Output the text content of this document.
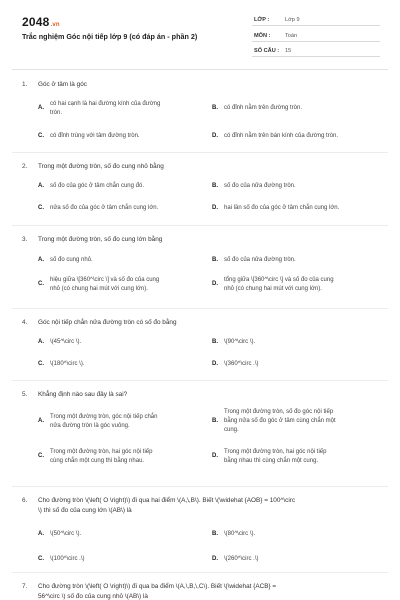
2048.vn
Trắc nghiệm Góc nội tiếp lớp 9 (có đáp án - phần 2)
LỚP :	Lớp 9
MÔN :	Toán
SỐ CÂU : 15
1. Góc ở tâm là góc
A.
có hai cạnh là hai đường kính của đường
tròn.
B. có đỉnh nằm trên đường tròn.
C. có đỉnh trùng với tâm đường tròn.	D. có đỉnh nằm trên bán kính của đường tròn.
2. Trong một đường tròn, số đo cung nhỏ bằng
A. số đo của góc ở tâm chắn cung đó.	B. số đo của nửa đường tròn.
C. nửa số đo của góc ở tâm chắn cung lớn.	D. hai lần số đo của góc ở tâm chắn cung lớn.
3. Trong một đường tròn, số đo cung lớn bằng
A. số đo cung nhỏ.	B. số đo của nửa đường tròn.
C.
hiệu giữa \[360^\circ \] và số đo của cung
nhỏ (có chung hai mút với cung lớn).
D.
tổng giữa \[360^\circ \] và số đo của cung
nhỏ (có chung hai mút với cung lớn).
4. Góc nội tiếp chắn nửa đường tròn có số đo bằng
A. \(45^\circ \).	B. \(90^\circ \).
C. \(180^\circ \).	D. \(360^\circ .\)
5. Khẳng định nào sau đây là sai?
A.
Trong một đường tròn, góc nội tiếp chắn
nửa đường tròn là góc vuông.
B.
Trong một đường tròn, số đo góc nội tiếp
bằng nửa số đo góc ở tâm cùng chắn một
cung.
C.
Trong một đường tròn, hai góc nội tiếp
cùng chắn một cung thì bằng nhau.
D.
Trong một đường tròn, hai góc nội tiếp
bằng nhau thì cùng chắn một cung.
6. Cho đường tròn \(\left( O \right)\) đi qua hai điểm \(A,\,B\). Biết \(\widehat {AOB} = 100^\circ
\) thì số đo của cung lớn \(AB\) là
A. \(50^\circ \).	B. \(80^\circ \).
C. \(100^\circ .\)	D. \(260^\circ .\)
7. Cho đường tròn \(\left( O \right)\) đi qua ba điểm \(A,\,B,\,C\). Biết \(\widehat {ACB} =
56^\circ \) số đo của cung nhỏ \(AB\) là
